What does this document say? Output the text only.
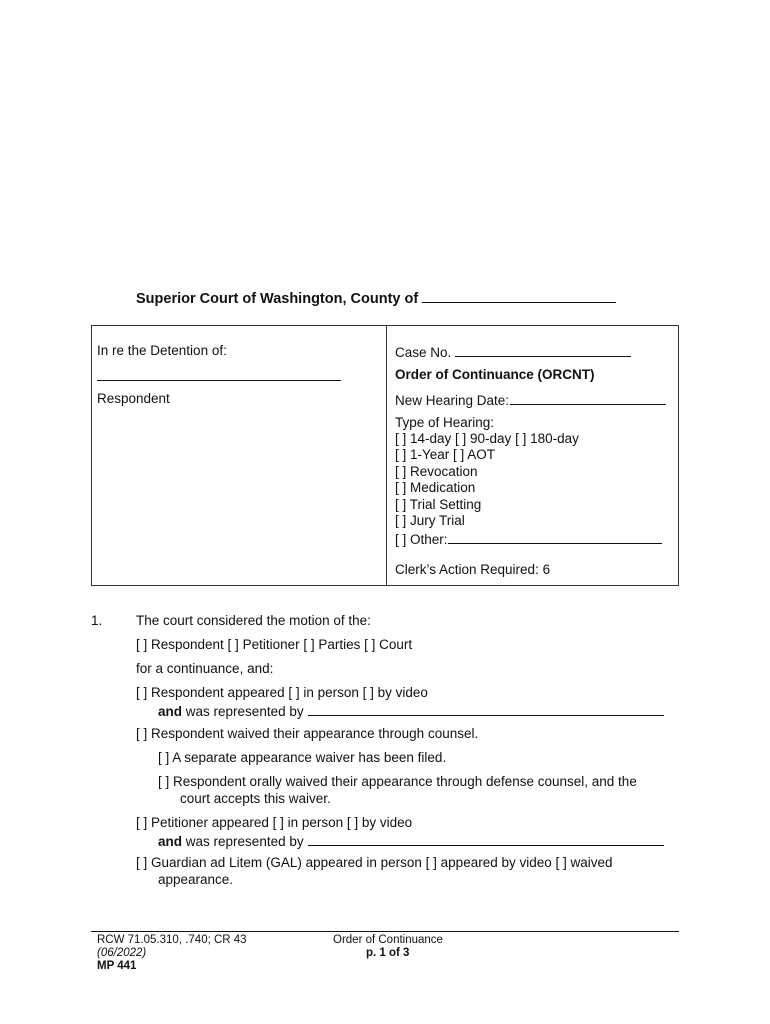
Superior Court of Washington, County of
In re the Detention of:
Respondent
Case No.
Order of Continuance (ORCNT)
New Hearing Date:
Type of Hearing:
[ ] 14-day [ ] 90-day [ ] 180-day
[ ] 1-Year [ ] AOT
[ ] Revocation
[ ] Medication
[ ] Trial Setting
[ ] Jury Trial
[ ] Other:
Clerk’s Action Required: 6
1. The court considered the motion of the:
[ ] Respondent [ ] Petitioner [ ] Parties [ ] Court
for a continuance, and:
[ ] Respondent appeared [ ] in person [ ] by video
and was represented by
[ ] Respondent waived their appearance through counsel.
[ ] A separate appearance waiver has been filed.
[ ] Respondent orally waived their appearance through defense counsel, and the
court accepts this waiver.
[ ] Petitioner appeared [ ] in person [ ] by video
and was represented by
[ ] Guardian ad Litem (GAL) appeared in person [ ] appeared by video [ ] waived
appearance.
RCW 71.05.310, .740; CR 43
(06/2022)
MP 441
Order of Continuance
p. 1 of 3
